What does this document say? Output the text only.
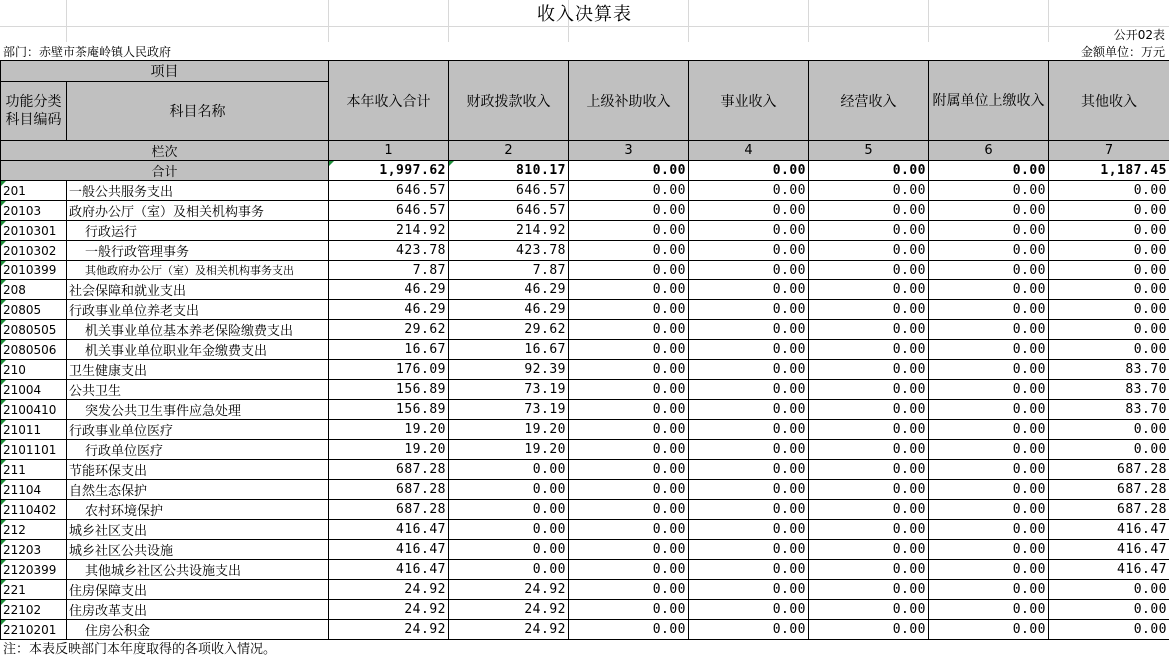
收入决算表
公开02表
部门：赤壁市茶庵岭镇人民政府	金额单位：万元
项目		本年收入合计	财政拨款收入	上级补助收入	事业收入	经营收入	附属单位上缴收入	其他收入
功能分类科目编码	科目名称							
栏次		1	2	3	4	5	6	7
合计		1,997.62	810.17	0.00	0.00	0.00	0.00	1,187.45
201	一般公共服务支出	646.57	646.57	0.00	0.00	0.00	0.00	0.00
20103	政府办公厅（室）及相关机构事务	646.57	646.57	0.00	0.00	0.00	0.00	0.00
2010301	行政运行	214.92	214.92	0.00	0.00	0.00	0.00	0.00
2010302	一般行政管理事务	423.78	423.78	0.00	0.00	0.00	0.00	0.00
2010399	其他政府办公厅（室）及相关机构事务支出	7.87	7.87	0.00	0.00	0.00	0.00	0.00
208	社会保障和就业支出	46.29	46.29	0.00	0.00	0.00	0.00	0.00
20805	行政事业单位养老支出	46.29	46.29	0.00	0.00	0.00	0.00	0.00
2080505	机关事业单位基本养老保险缴费支出	29.62	29.62	0.00	0.00	0.00	0.00	0.00
2080506	机关事业单位职业年金缴费支出	16.67	16.67	0.00	0.00	0.00	0.00	0.00
210	卫生健康支出	176.09	92.39	0.00	0.00	0.00	0.00	83.70
21004	公共卫生	156.89	73.19	0.00	0.00	0.00	0.00	83.70
2100410	突发公共卫生事件应急处理	156.89	73.19	0.00	0.00	0.00	0.00	83.70
21011	行政事业单位医疗	19.20	19.20	0.00	0.00	0.00	0.00	0.00
2101101	行政单位医疗	19.20	19.20	0.00	0.00	0.00	0.00	0.00
211	节能环保支出	687.28	0.00	0.00	0.00	0.00	0.00	687.28
21104	自然生态保护	687.28	0.00	0.00	0.00	0.00	0.00	687.28
2110402	农村环境保护	687.28	0.00	0.00	0.00	0.00	0.00	687.28
212	城乡社区支出	416.47	0.00	0.00	0.00	0.00	0.00	416.47
21203	城乡社区公共设施	416.47	0.00	0.00	0.00	0.00	0.00	416.47
2120399	其他城乡社区公共设施支出	416.47	0.00	0.00	0.00	0.00	0.00	416.47
221	住房保障支出	24.92	24.92	0.00	0.00	0.00	0.00	0.00
22102	住房改革支出	24.92	24.92	0.00	0.00	0.00	0.00	0.00
2210201	住房公积金	24.92	24.92	0.00	0.00	0.00	0.00	0.00
注：本表反映部门本年度取得的各项收入情况。
